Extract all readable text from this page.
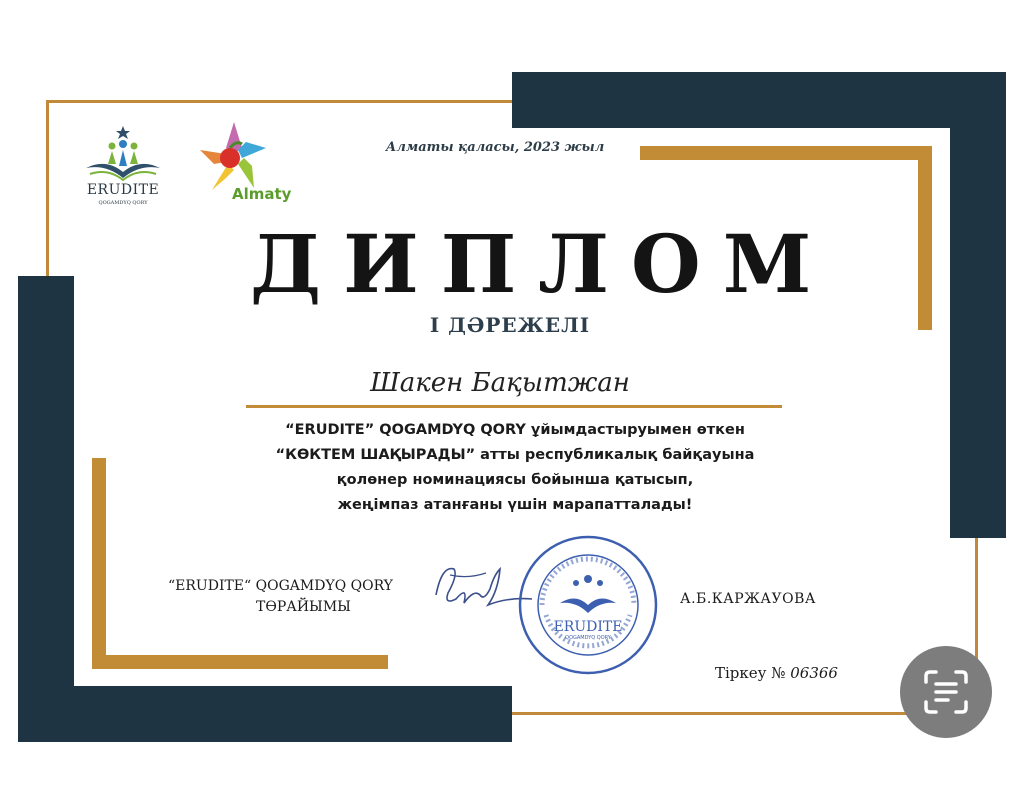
ERUDITE
QOGAMDYQ QORY	Almaty
Алматы қаласы, 2023 жыл
ДИПЛОМ
І ДӘРЕЖЕЛІ
Шакен Бақытжан
“ERUDITE” QOGAMDYQ QORY ұйымдастыруымен өткен
“КӨКТЕМ ШАҚЫРАДЫ” атты республикалық байқауына
қолөнер номинациясы бойынша қатысып,
жеңімпаз атанғаны үшін марапатталады!
“ERUDITE“ QOGAMDYQ QORY
ТӨРАЙЫМЫ
ERUDITE
QOGAMDYQ QORY
А.Б.КАРЖАУОВА
Тіркеу № 06366
